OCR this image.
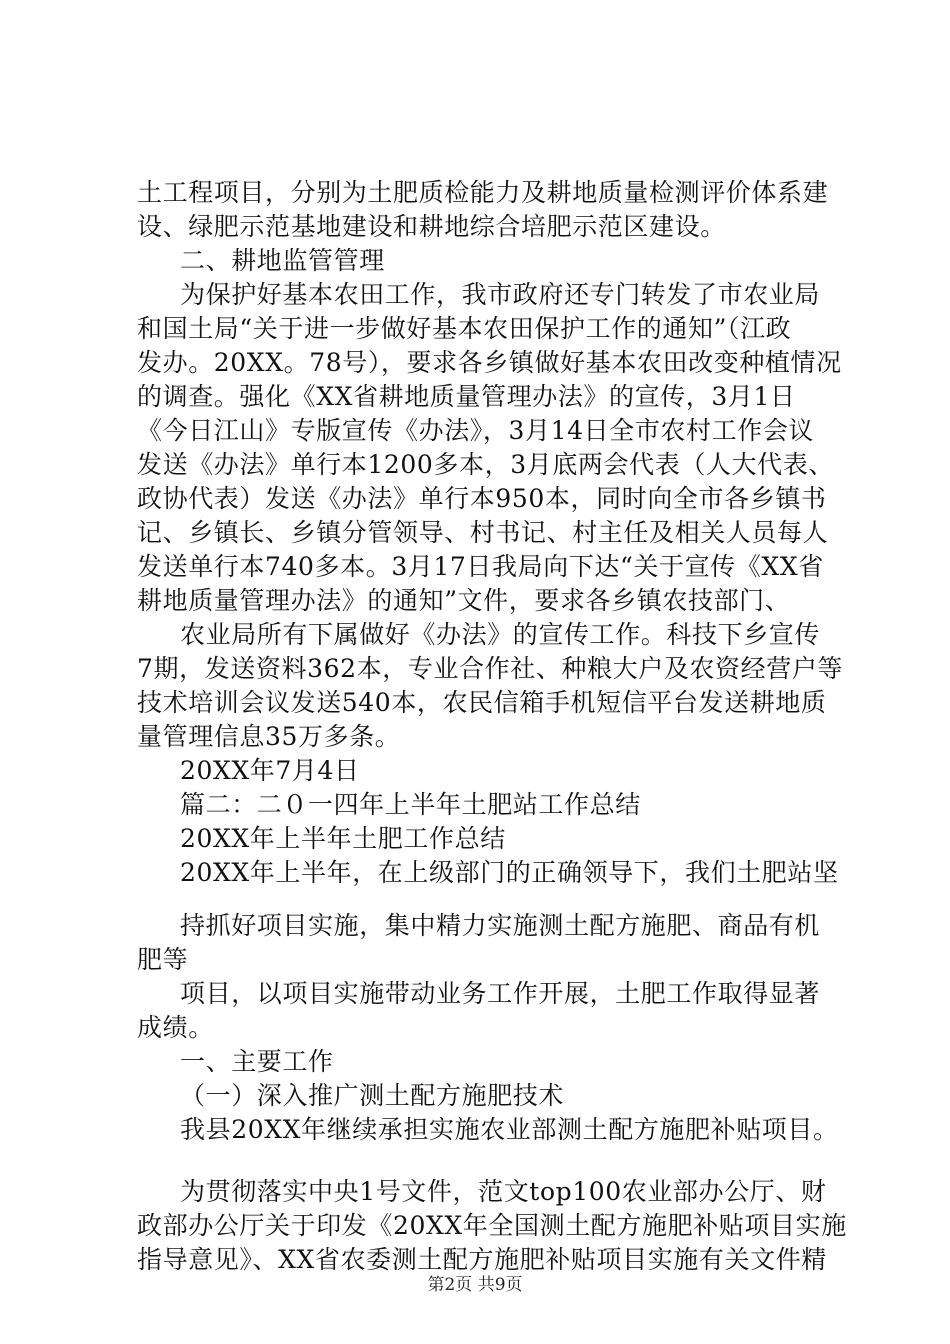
土工程项目，分别为土肥质检能力及耕地质量检测评价体系建
设、绿肥示范基地建设和耕地综合培肥示范区建设。
二、耕地监管管理
为保护好基本农田工作，我市政府还专门转发了市农业局
和国土局“关于进一步做好基本农田保护工作的通知”（江政
发办。20XX。78号），要求各乡镇做好基本农田改变种植情况
的调查。强化《XX省耕地质量管理办法》的宣传，3月1日
《今日江山》专版宣传《办法》，3月14日全市农村工作会议
发送《办法》单行本1200多本，3月底两会代表（人大代表、
政协代表）发送《办法》单行本950本，同时向全市各乡镇书
记、乡镇长、乡镇分管领导、村书记、村主任及相关人员每人
发送单行本740多本。3月17日我局向下达“关于宣传《XX省
耕地质量管理办法》的通知”文件，要求各乡镇农技部门、
农业局所有下属做好《办法》的宣传工作。科技下乡宣传
7期，发送资料362本，专业合作社、种粮大户及农资经营户等
技术培训会议发送540本，农民信箱手机短信平台发送耕地质
量管理信息35万多条。
20XX年7月4日
篇二：二０一四年上半年土肥站工作总结
20XX年上半年土肥工作总结
20XX年上半年，在上级部门的正确领导下，我们土肥站坚
持抓好项目实施，集中精力实施测土配方施肥、商品有机
肥等
项目，以项目实施带动业务工作开展，土肥工作取得显著
成绩。
一、主要工作
（一）深入推广测土配方施肥技术
我县20XX年继续承担实施农业部测土配方施肥补贴项目。
为贯彻落实中央1号文件，范文top100农业部办公厅、财
政部办公厅关于印发《20XX年全国测土配方施肥补贴项目实施
指导意见》、XX省农委测土配方施肥补贴项目实施有关文件精
第2页 共9页
